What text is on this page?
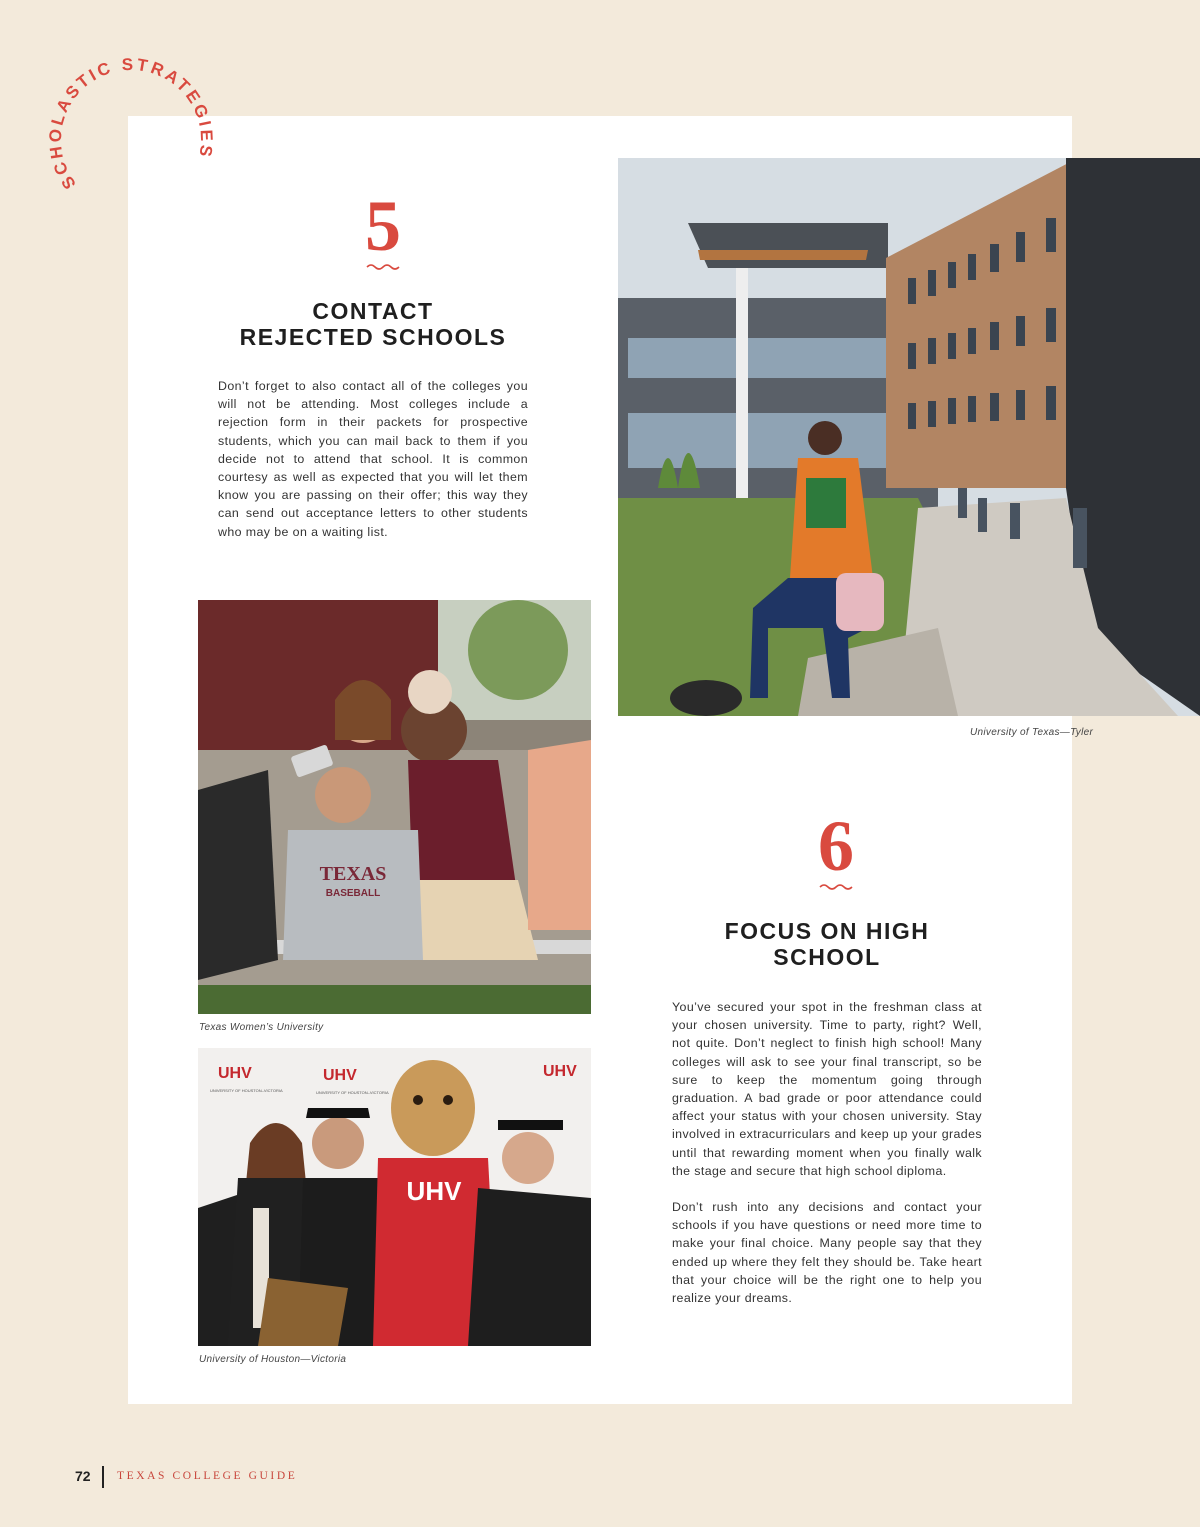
SCHOLASTIC STRATEGIES
5
CONTACT
REJECTED SCHOOLS

Don’t forget to also contact all of the colleges you will not be attending. Most colleges include a rejection form in their packets for prospective students, which you can mail back to them if you decide not to attend that school. It is common courtesy as well as expected that you will let them know you are passing on their offer; this way they can send out acceptance letters to other students who may be on a waiting list.

University of Texas—Tyler
TEXAS
BASEBALL
Texas Women’s University
UHV	UHV	UHV
UNIVERSITY OF HOUSTON–VICTORIA	UNIVERSITY OF HOUSTON–VICTORIA
UHV
University of Houston—Victoria
6
FOCUS ON HIGH
SCHOOL

You’ve secured your spot in the freshman class at your chosen university. Time to party, right? Well, not quite. Don’t neglect to finish high school! Many colleges will ask to see your final transcript, so be sure to keep the momentum going through graduation. A bad grade or poor attendance could affect your status with your chosen university. Stay involved in extracurriculars and keep up your grades until that rewarding moment when you finally walk the stage and secure that high school diploma.

Don’t rush into any decisions and contact your schools if you have questions or need more time to make your final choice. Many people say that they ended up where they felt they should be. Take heart that your choice will be the right one to help you realize your dreams.

72 TEXAS COLLEGE GUIDE
